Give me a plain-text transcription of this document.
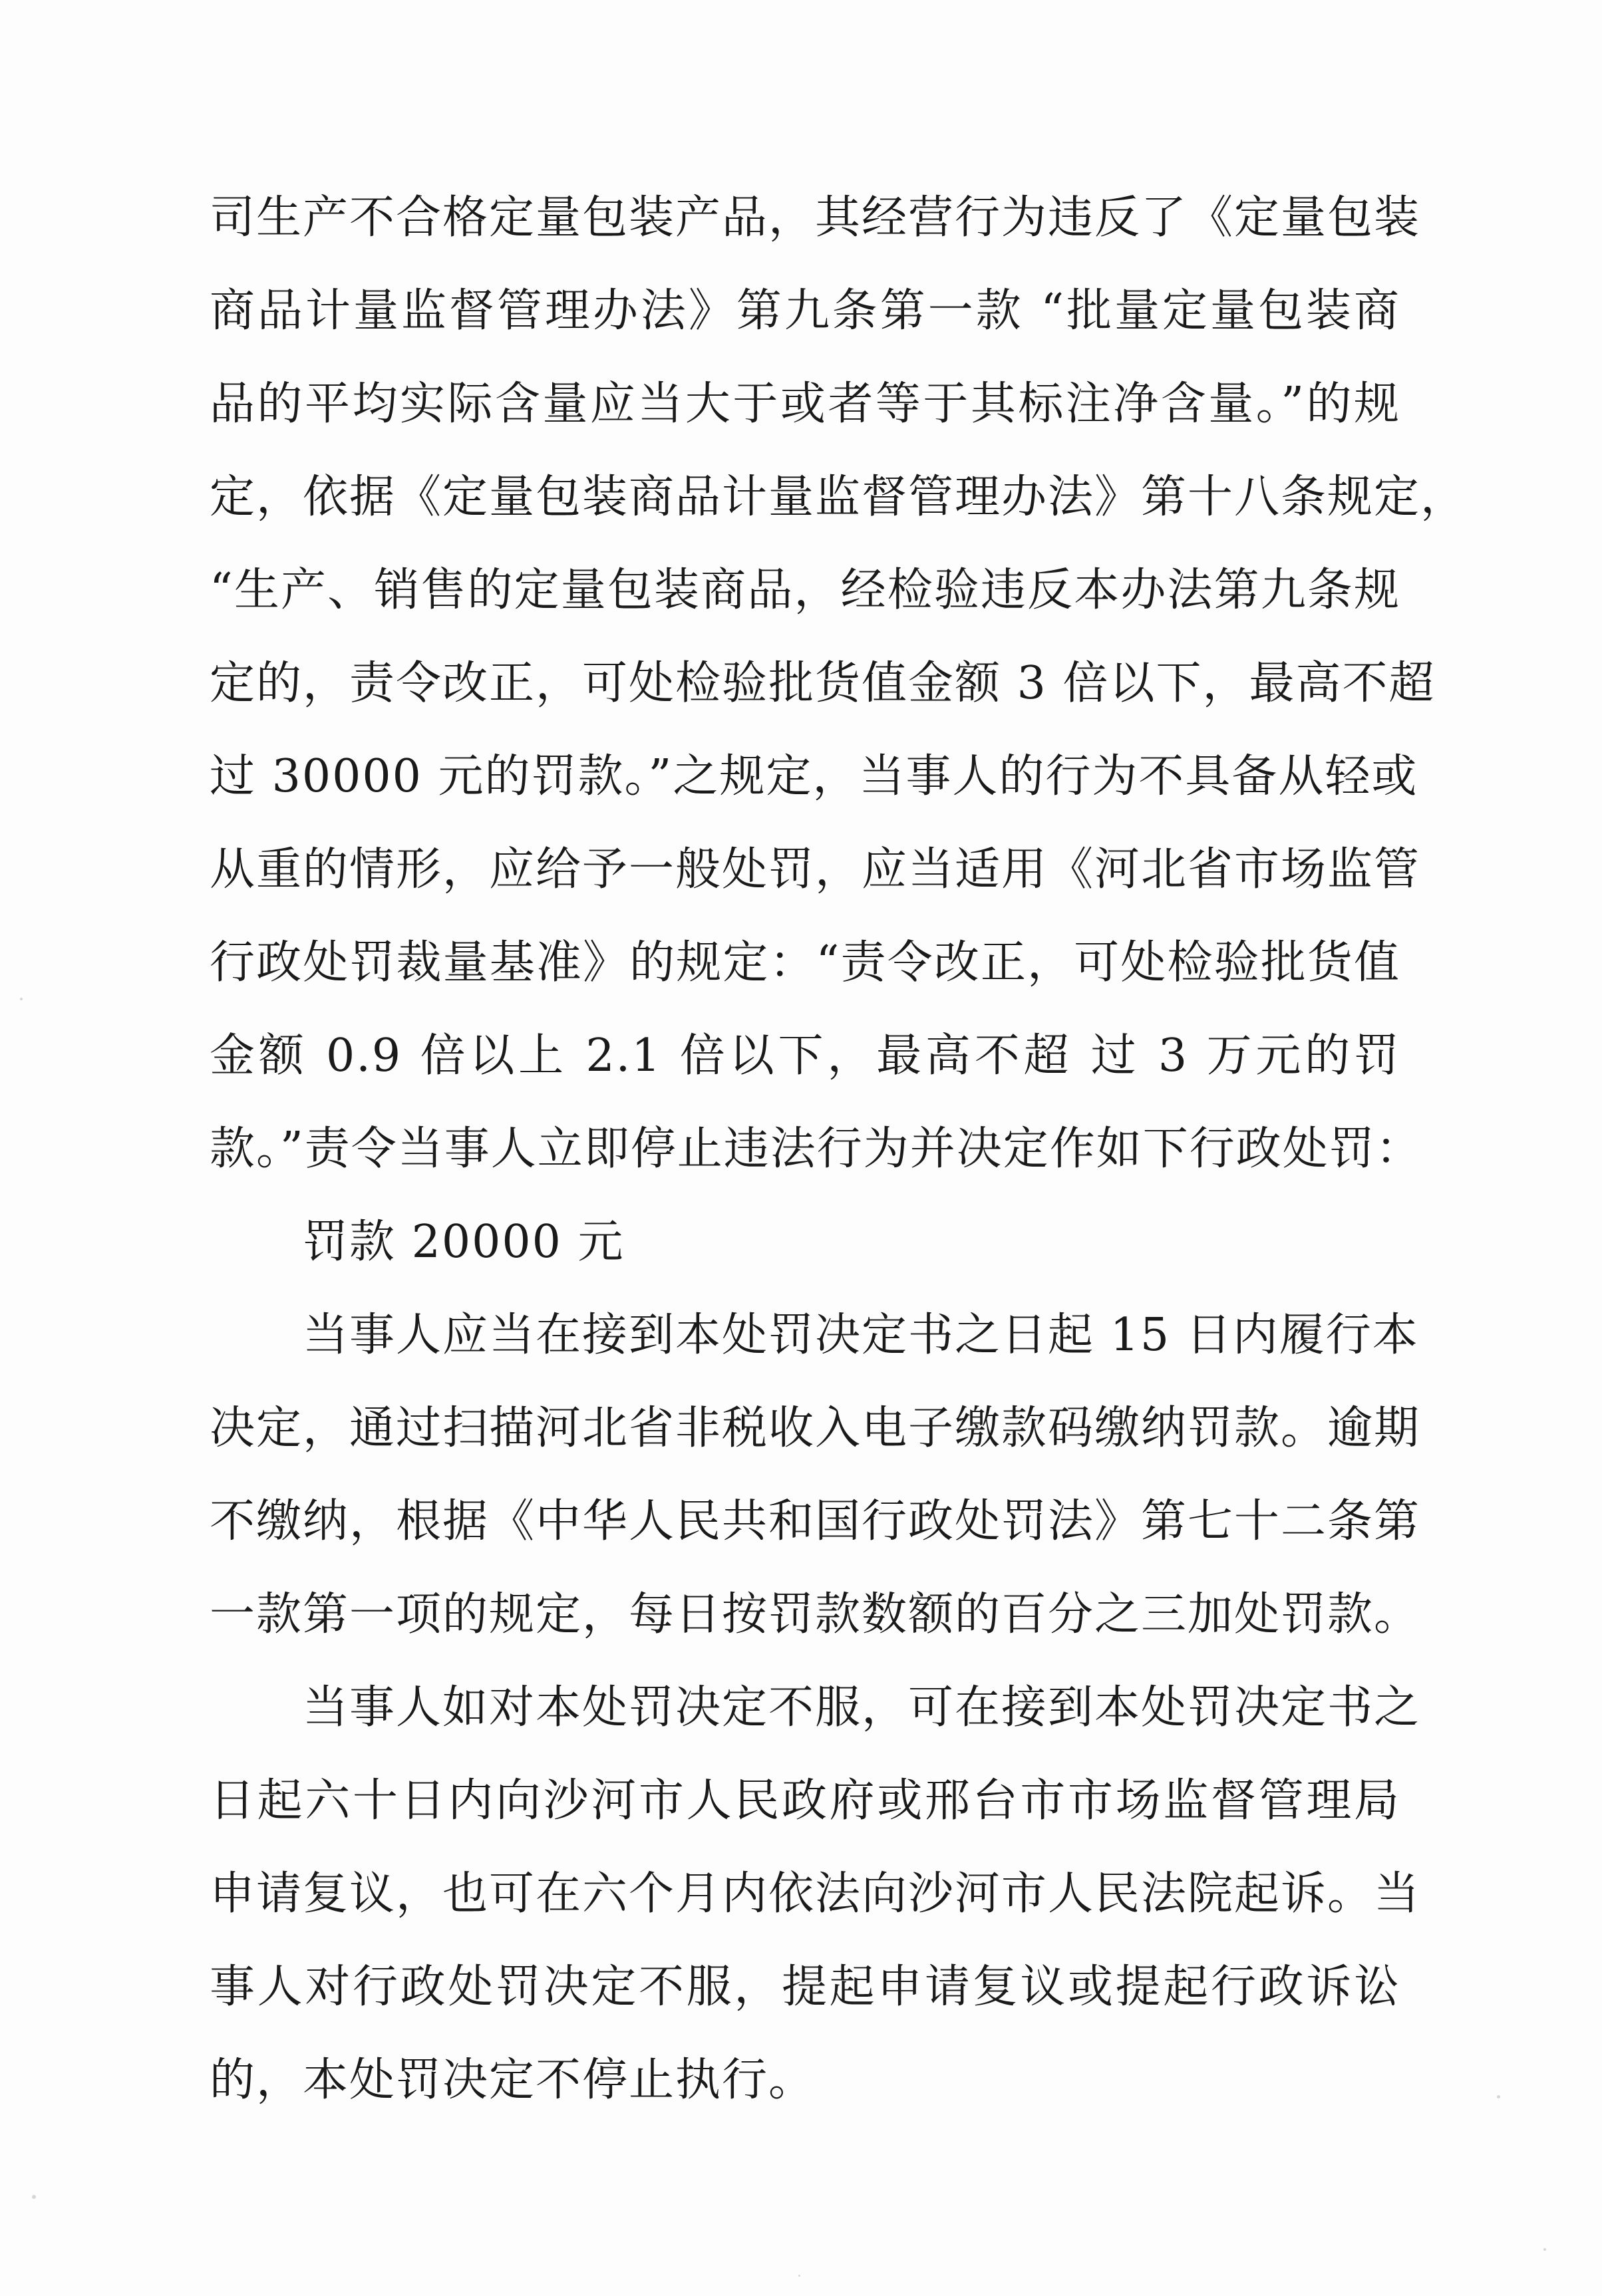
司生产不合格定量包装产品，其经营行为违反了《定量包装
商品计量监督管理办法》第九条第一款 “批量定量包装商
品的平均实际含量应当大于或者等于其标注净含量。”的规
定，依据《定量包装商品计量监督管理办法》第十八条规定，
“生产、销售的定量包装商品，经检验违反本办法第九条规
定的，责令改正，可处检验批货值金额 3 倍以下，最高不超
过 30000 元的罚款。”之规定，当事人的行为不具备从轻或
从重的情形，应给予一般处罚，应当适用《河北省市场监管
行政处罚裁量基准》的规定：“责令改正，可处检验批货值
金额 0.9 倍以上 2.1 倍以下，最高不超 过 3 万元的罚
款。”责令当事人立即停止违法行为并决定作如下行政处罚：
罚款 20000 元
当事人应当在接到本处罚决定书之日起 15 日内履行本
决定，通过扫描河北省非税收入电子缴款码缴纳罚款。逾期
不缴纳，根据《中华人民共和国行政处罚法》第七十二条第
一款第一项的规定，每日按罚款数额的百分之三加处罚款。
当事人如对本处罚决定不服，可在接到本处罚决定书之
日起六十日内向沙河市人民政府或邢台市市场监督管理局
申请复议，也可在六个月内依法向沙河市人民法院起诉。当
事人对行政处罚决定不服，提起申请复议或提起行政诉讼
的，本处罚决定不停止执行。
